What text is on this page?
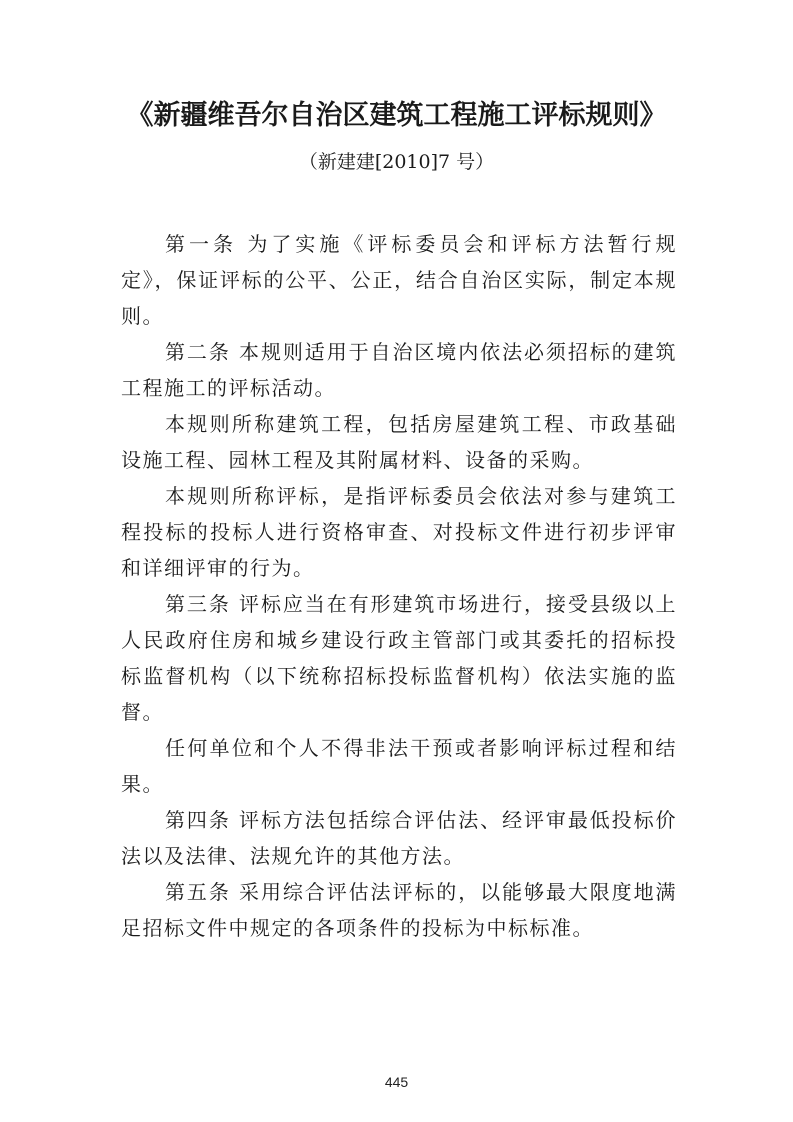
《新疆维吾尔自治区建筑工程施工评标规则》
（新建建[2010]7 号）

第一条 为了实施《评标委员会和评标方法暂行规定》，保证评标的公平、公正，结合自治区实际，制定本规则。

第二条 本规则适用于自治区境内依法必须招标的建筑工程施工的评标活动。

本规则所称建筑工程，包括房屋建筑工程、市政基础设施工程、园林工程及其附属材料、设备的采购。

本规则所称评标，是指评标委员会依法对参与建筑工程投标的投标人进行资格审查、对投标文件进行初步评审和详细评审的行为。

第三条 评标应当在有形建筑市场进行，接受县级以上人民政府住房和城乡建设行政主管部门或其委托的招标投标监督机构（以下统称招标投标监督机构）依法实施的监督。

任何单位和个人不得非法干预或者影响评标过程和结果。

第四条 评标方法包括综合评估法、经评审最低投标价法以及法律、法规允许的其他方法。

第五条 采用综合评估法评标的，以能够最大限度地满足招标文件中规定的各项条件的投标为中标标准。

445
